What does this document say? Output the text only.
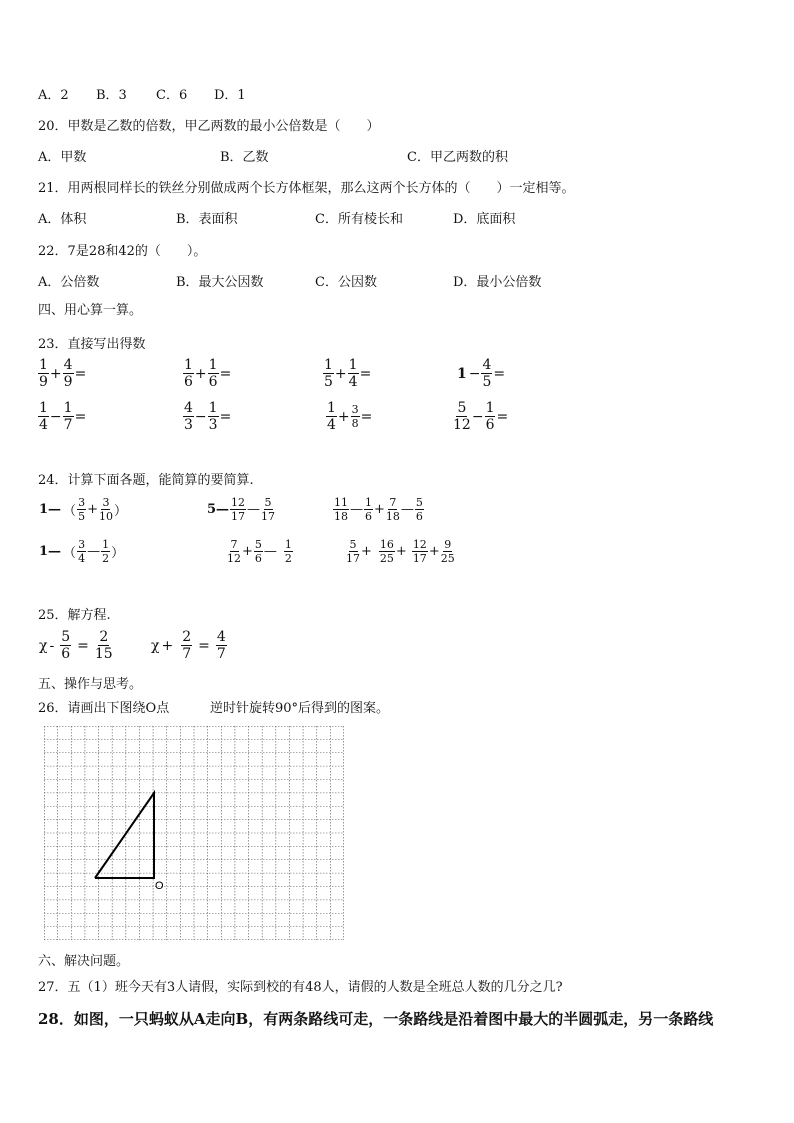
A．2 B．3 C．6 D．1
20．甲数是乙数的倍数，甲乙两数的最小公倍数是（　　）
A．甲数	B．乙数	C．甲乙两数的积
21．用两根同样长的铁丝分别做成两个长方体框架，那么这两个长方体的（　　）一定相等。
A．体积	B．表面积	C．所有棱长和	D．底面积
22．7是28和42的（　　）。
A．公倍数	B．最大公因数	C．公因数	D．最小公倍数
四、用心算一算。
23．直接写出得数
$\frac{1}{9} + \frac{4}{9}$ =	$\frac{1}{6} + \frac{1}{6}$ =	$\frac{1}{5} + \frac{1}{4}$ =	$1 - \frac{4}{5}$ =
$\frac{1}{4} - \frac{1}{7}$ =	$\frac{4}{3} - \frac{1}{3}$ =	$\frac{1}{4} + \frac{3}{8}$ =	$\frac{5}{12} - \frac{1}{6}$ =
24．计算下面各题，能简算的要简算.
1— （ $\frac{3}{5} + \frac{3}{10}$ ）	5— $\frac{12}{17}$ — $\frac{5}{17}$	$\frac{11}{18}$ — $\frac{1}{6} + \frac{7}{18}$ — $\frac{5}{6}$
1— （ $\frac{3}{4}$ — $\frac{1}{2}$ ）	$\frac{7}{12} + \frac{5}{6}$ — $\frac{1}{2}$	$\frac{5}{17} + \frac{16}{25} + \frac{12}{17} + \frac{9}{25}$
25．解方程.
$\chi - \frac{5}{6} = \frac{2}{15}$	$\chi + \frac{2}{7} = \frac{4}{7}$
五、操作与思考。
26．请画出下图绕O点	逆时针旋转90°后得到的图案。
O
六、解决问题。
27．五（1）班今天有3人请假，实际到校的有48人，请假的人数是全班总人数的几分之几?
28．如图，一只蚂蚁从A走向B，有两条路线可走，一条路线是沿着图中最大的半圆弧走，另一条路线
